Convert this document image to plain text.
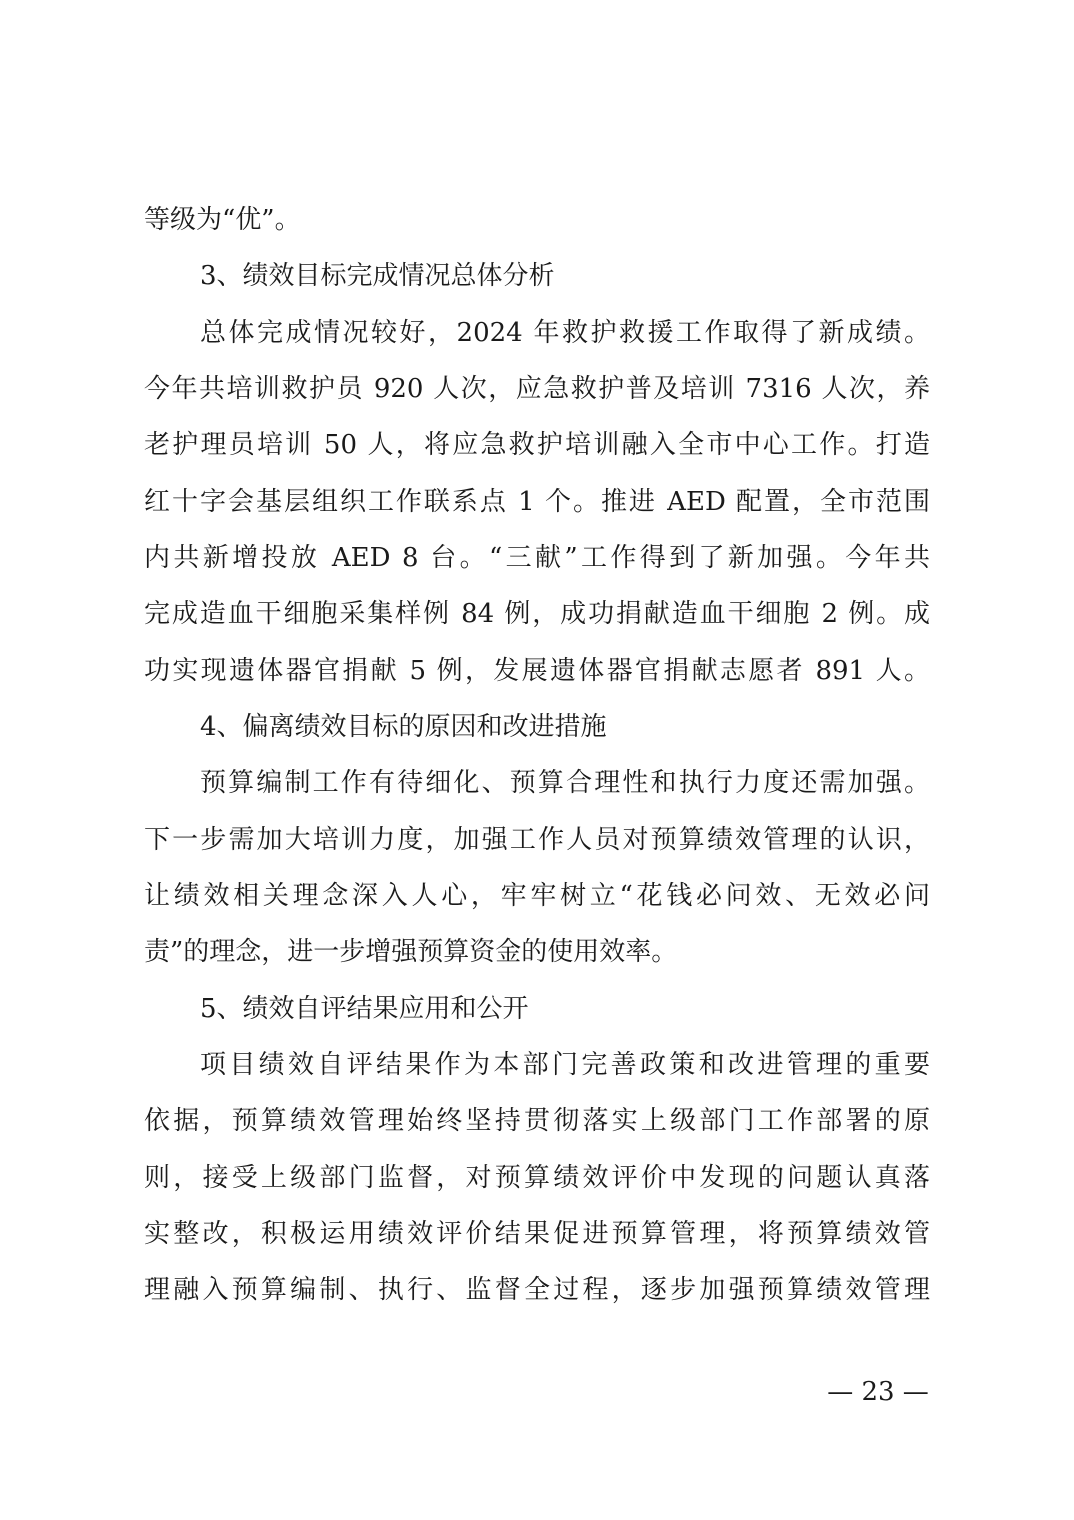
等级为“优”。
3、绩效目标完成情况总体分析
总体完成情况较好，2024 年救护救援工作取得了新成绩。
今年共培训救护员 920 人次，应急救护普及培训 7316 人次，养
老护理员培训 50 人，将应急救护培训融入全市中心工作。打造
红十字会基层组织工作联系点 1 个。推进 AED 配置，全市范围
内共新增投放 AED 8 台。“三献”工作得到了新加强。今年共
完成造血干细胞采集样例 84 例，成功捐献造血干细胞 2 例。成
功实现遗体器官捐献 5 例，发展遗体器官捐献志愿者 891 人。
4、偏离绩效目标的原因和改进措施
预算编制工作有待细化、预算合理性和执行力度还需加强。
下一步需加大培训力度，加强工作人员对预算绩效管理的认识，
让绩效相关理念深入人心，牢牢树立“花钱必问效、无效必问
责”的理念，进一步增强预算资金的使用效率。
5、绩效自评结果应用和公开
项目绩效自评结果作为本部门完善政策和改进管理的重要
依据，预算绩效管理始终坚持贯彻落实上级部门工作部署的原
则，接受上级部门监督，对预算绩效评价中发现的问题认真落
实整改，积极运用绩效评价结果促进预算管理，将预算绩效管
理融入预算编制、执行、监督全过程，逐步加强预算绩效管理
— 23 —
